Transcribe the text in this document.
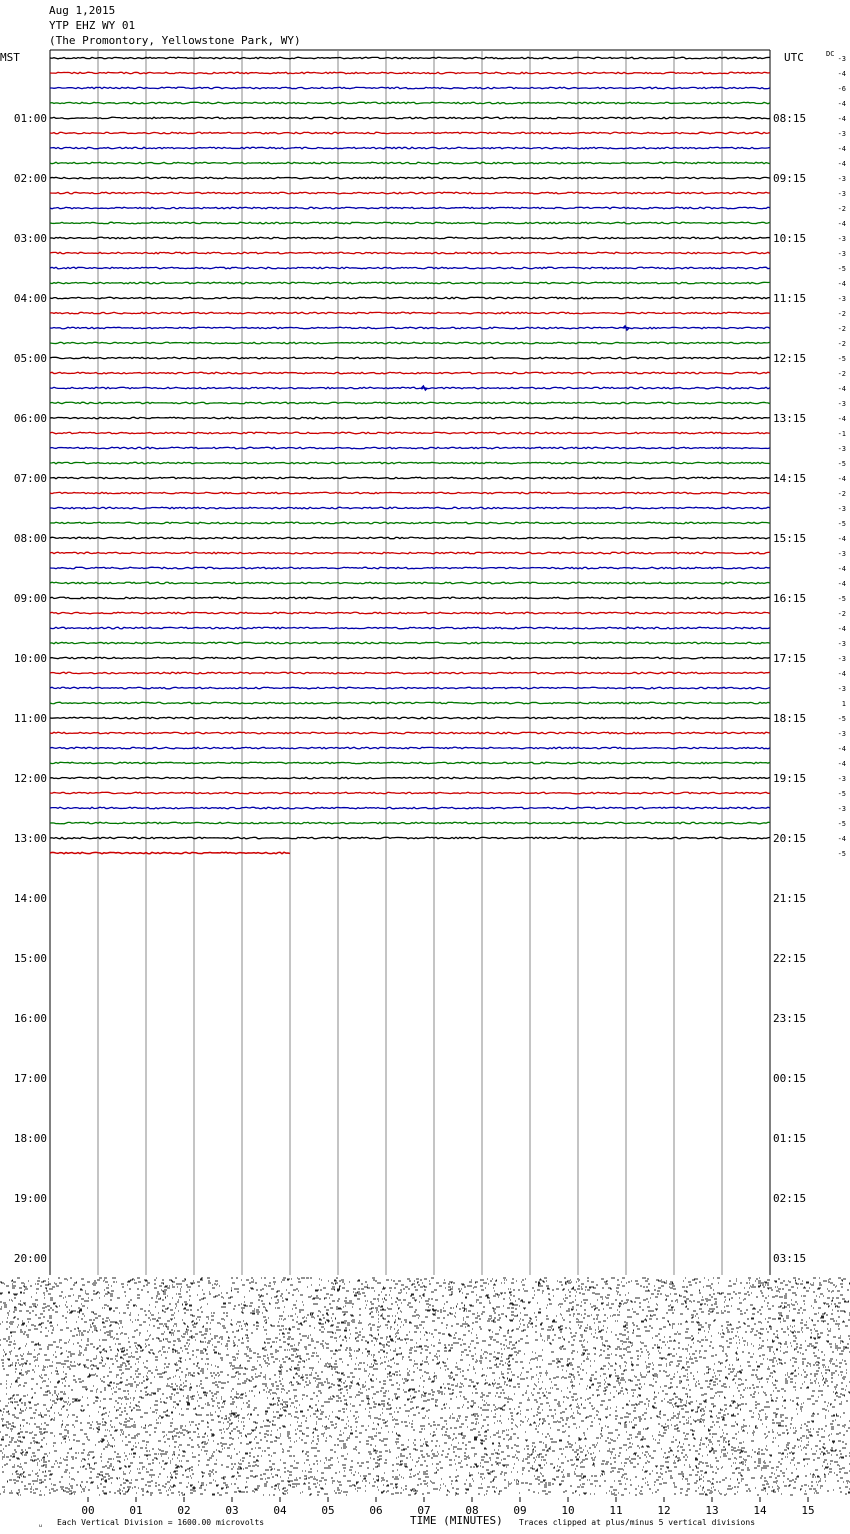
Aug 1,2015
YTP EHZ WY 01
(The Promontory, Yellowstone Park, WY)
MST	UTC	DC
01:00	08:15
02:00	09:15
03:00	10:15
04:00	11:15
05:00	12:15
06:00	13:15
07:00	14:15
08:00	15:15
09:00	16:15
10:00	17:15
11:00	18:15
12:00	19:15
13:00	20:15
14:00	21:15
15:00	22:15
16:00	23:15
17:00	00:15
18:00	01:15
19:00	02:15
20:00	03:15
-3
-4
-6
-4
-4
-3
-4
-4
-3
-3
-2
-4
-3
-3
-5
-4
-3
-2
-2
-2
-5
-2
-4
-3
-4
-1
-3
-5
-4
-2
-3
-5
-4
-3
-4
-4
-5
-2
-4
-3
-3
-4
-3
1
-5
-3
-4
-4
-3
-5
-3
-5
-4
-5
00	01	02	03	04	05	06	07	08	09	10	11	12	13	14	15
ᵤ Each Vertical Division = 1600.00 microvolts	TIME (MINUTES) Traces clipped at plus/minus 5 vertical divisions
